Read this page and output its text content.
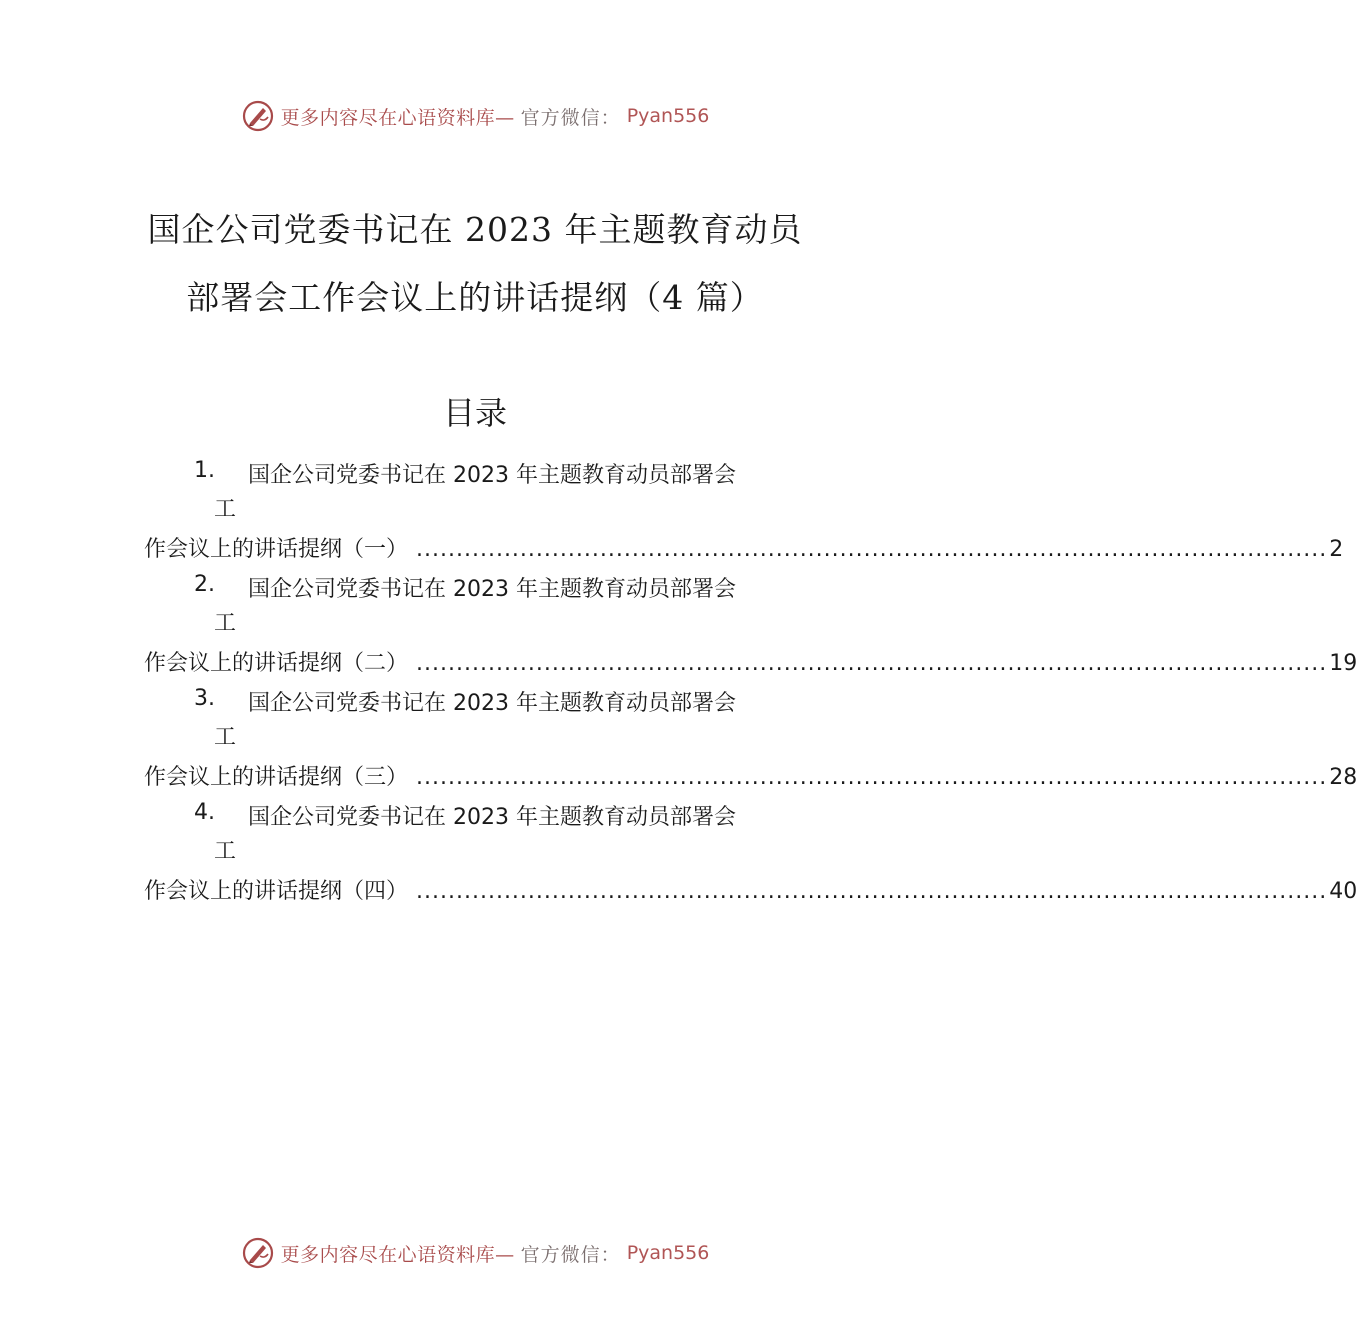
更多内容尽在心语资料库— 官方微信： Pyan556
国企公司党委书记在 2023 年主题教育动员
部署会工作会议上的讲话提纲（4 篇）
目录
1. 国企公司党委书记在 2023 年主题教育动员部署会
工
作会议上的讲话提纲（一） .................................................................................................................. 2
2. 国企公司党委书记在 2023 年主题教育动员部署会
工
作会议上的讲话提纲（二） .................................................................................................................. 19
3. 国企公司党委书记在 2023 年主题教育动员部署会
工
作会议上的讲话提纲（三） .................................................................................................................. 28
4. 国企公司党委书记在 2023 年主题教育动员部署会
工
作会议上的讲话提纲（四） .................................................................................................................. 40
更多内容尽在心语资料库— 官方微信： Pyan556
